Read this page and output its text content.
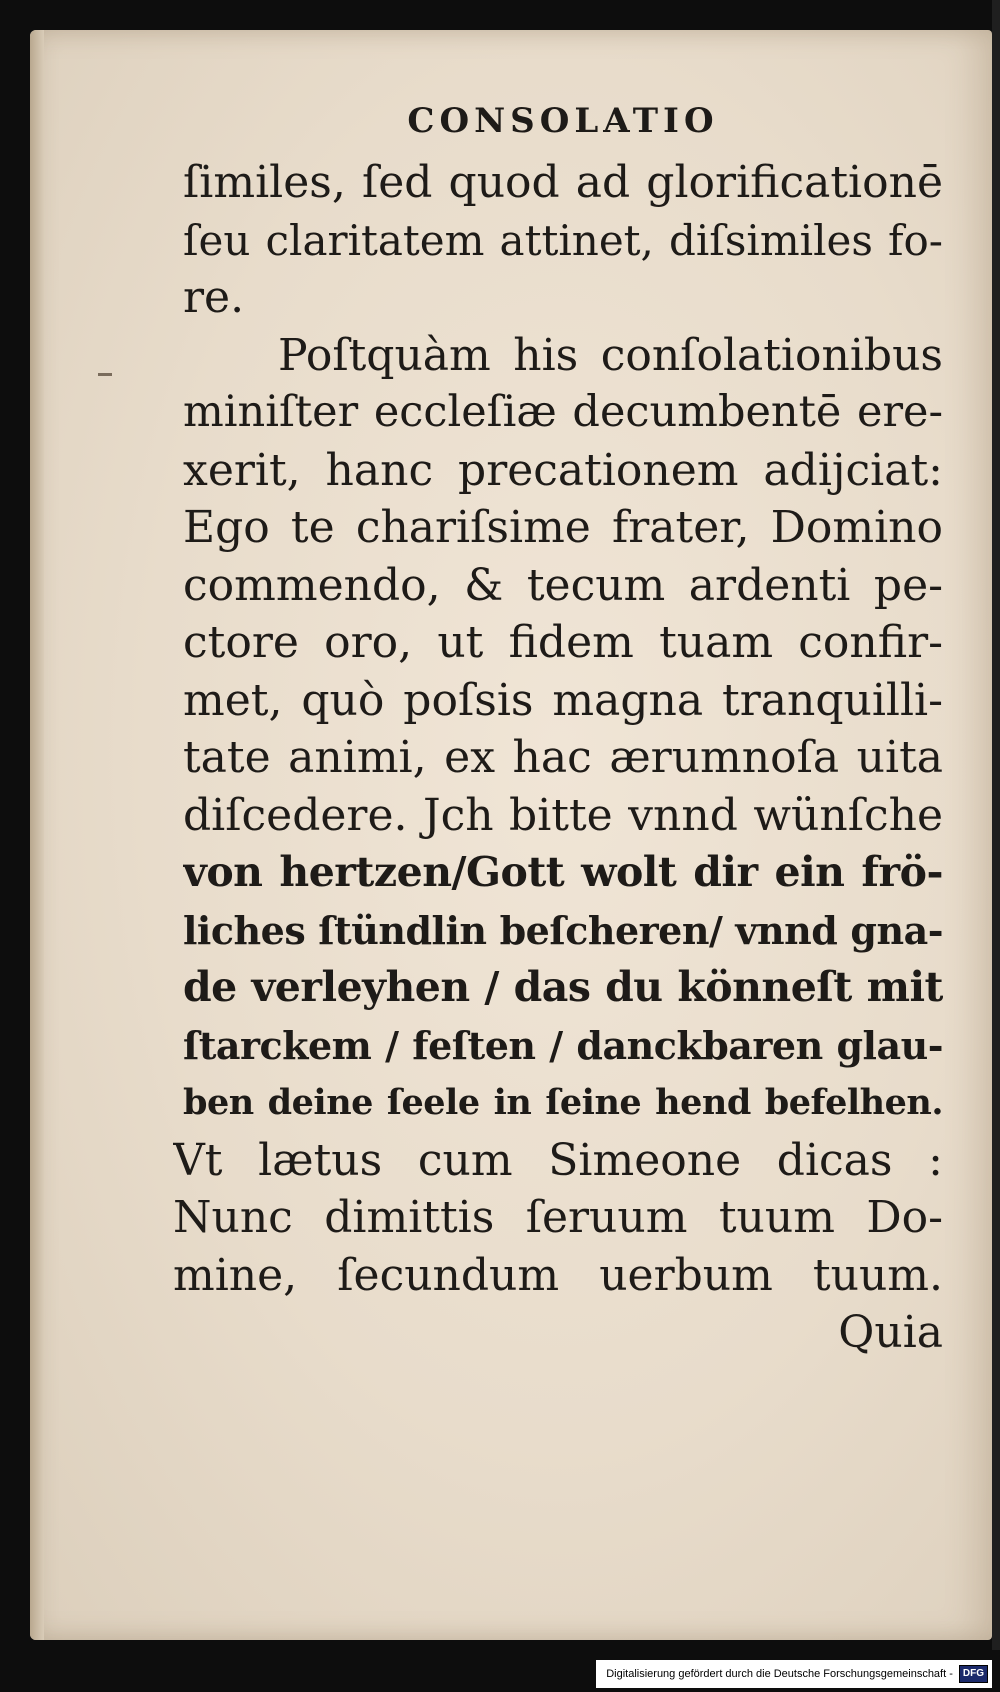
CONSOLATIO
ſimiles, ſed quod ad glorificationē
ſeu claritatem attinet, diſsimiles fo-
re.
Poſtquàm his conſolationibus
miniſter eccleſiæ decumbentē ere-
xerit, hanc precationem adijciat:
Ego te chariſsime frater, Domino
commendo, & tecum ardenti pe-
ctore oro, ut fidem tuam confir-
met, quò poſsis magna tranquilli-
tate animi, ex hac ærumnoſa uita
diſcedere. Jch bitte vnnd wünſche
von hertzen/Gott wolt dir ein frö-
liches ſtündlin beſcheren/ vnnd gna-
de verleyhen / das du könneſt mit
ſtarckem / feſten / danckbaren glau-
ben deine ſeele in ſeine hend befelhen.
Vt lætus cum Simeone dicas :
Nunc dimittis ſeruum tuum Do-
mine, ſecundum uerbum tuum.
Quia
Digitalisierung gefördert durch die Deutsche Forschungsgemeinschaft -	DFG
